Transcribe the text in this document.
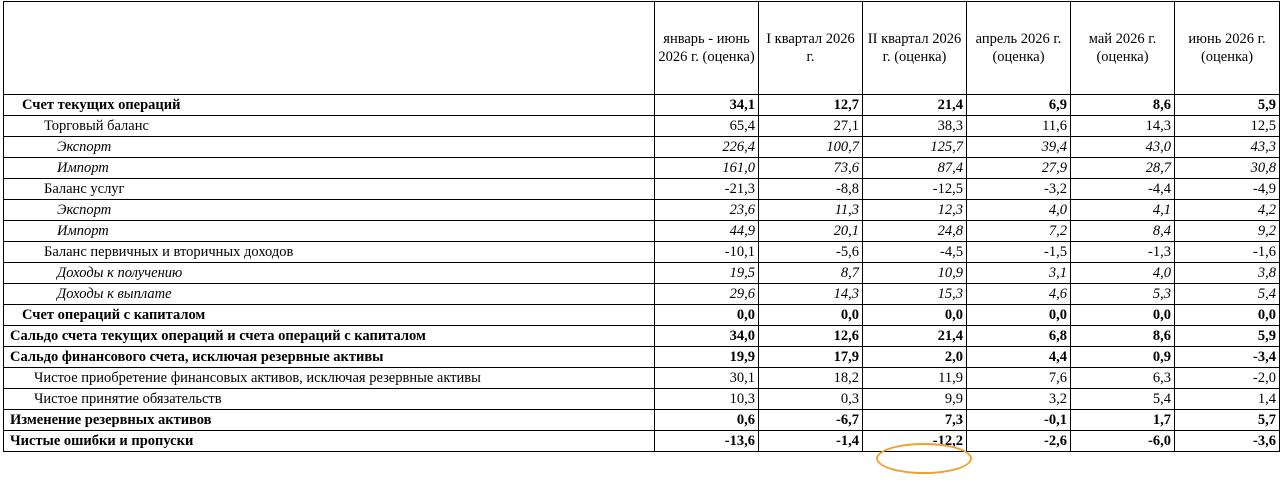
	январь - июнь 2026 г. (оценка)	I квартал 2026 г.	II квартал 2026 г. (оценка)	апрель 2026 г. (оценка)	май 2026 г. (оценка)	июнь 2026 г. (оценка)
Счет текущих операций	34,1	12,7	21,4	6,9	8,6	5,9
Торговый баланс	65,4	27,1	38,3	11,6	14,3	12,5
Экспорт	226,4	100,7	125,7	39,4	43,0	43,3
Импорт	161,0	73,6	87,4	27,9	28,7	30,8
Баланс услуг	-21,3	-8,8	-12,5	-3,2	-4,4	-4,9
Экспорт	23,6	11,3	12,3	4,0	4,1	4,2
Импорт	44,9	20,1	24,8	7,2	8,4	9,2
Баланс первичных и вторичных доходов	-10,1	-5,6	-4,5	-1,5	-1,3	-1,6
Доходы к получению	19,5	8,7	10,9	3,1	4,0	3,8
Доходы к выплате	29,6	14,3	15,3	4,6	5,3	5,4
Счет операций с капиталом	0,0	0,0	0,0	0,0	0,0	0,0
Сальдо счета текущих операций и счета операций с капиталом	34,0	12,6	21,4	6,8	8,6	5,9
Сальдо финансового счета, исключая резервные активы	19,9	17,9	2,0	4,4	0,9	-3,4
Чистое приобретение финансовых активов, исключая резервные активы	30,1	18,2	11,9	7,6	6,3	-2,0
Чистое принятие обязательств	10,3	0,3	9,9	3,2	5,4	1,4
Изменение резервных активов	0,6	-6,7	7,3	-0,1	1,7	5,7
Чистые ошибки и пропуски	-13,6	-1,4	-12,2	-2,6	-6,0	-3,6
